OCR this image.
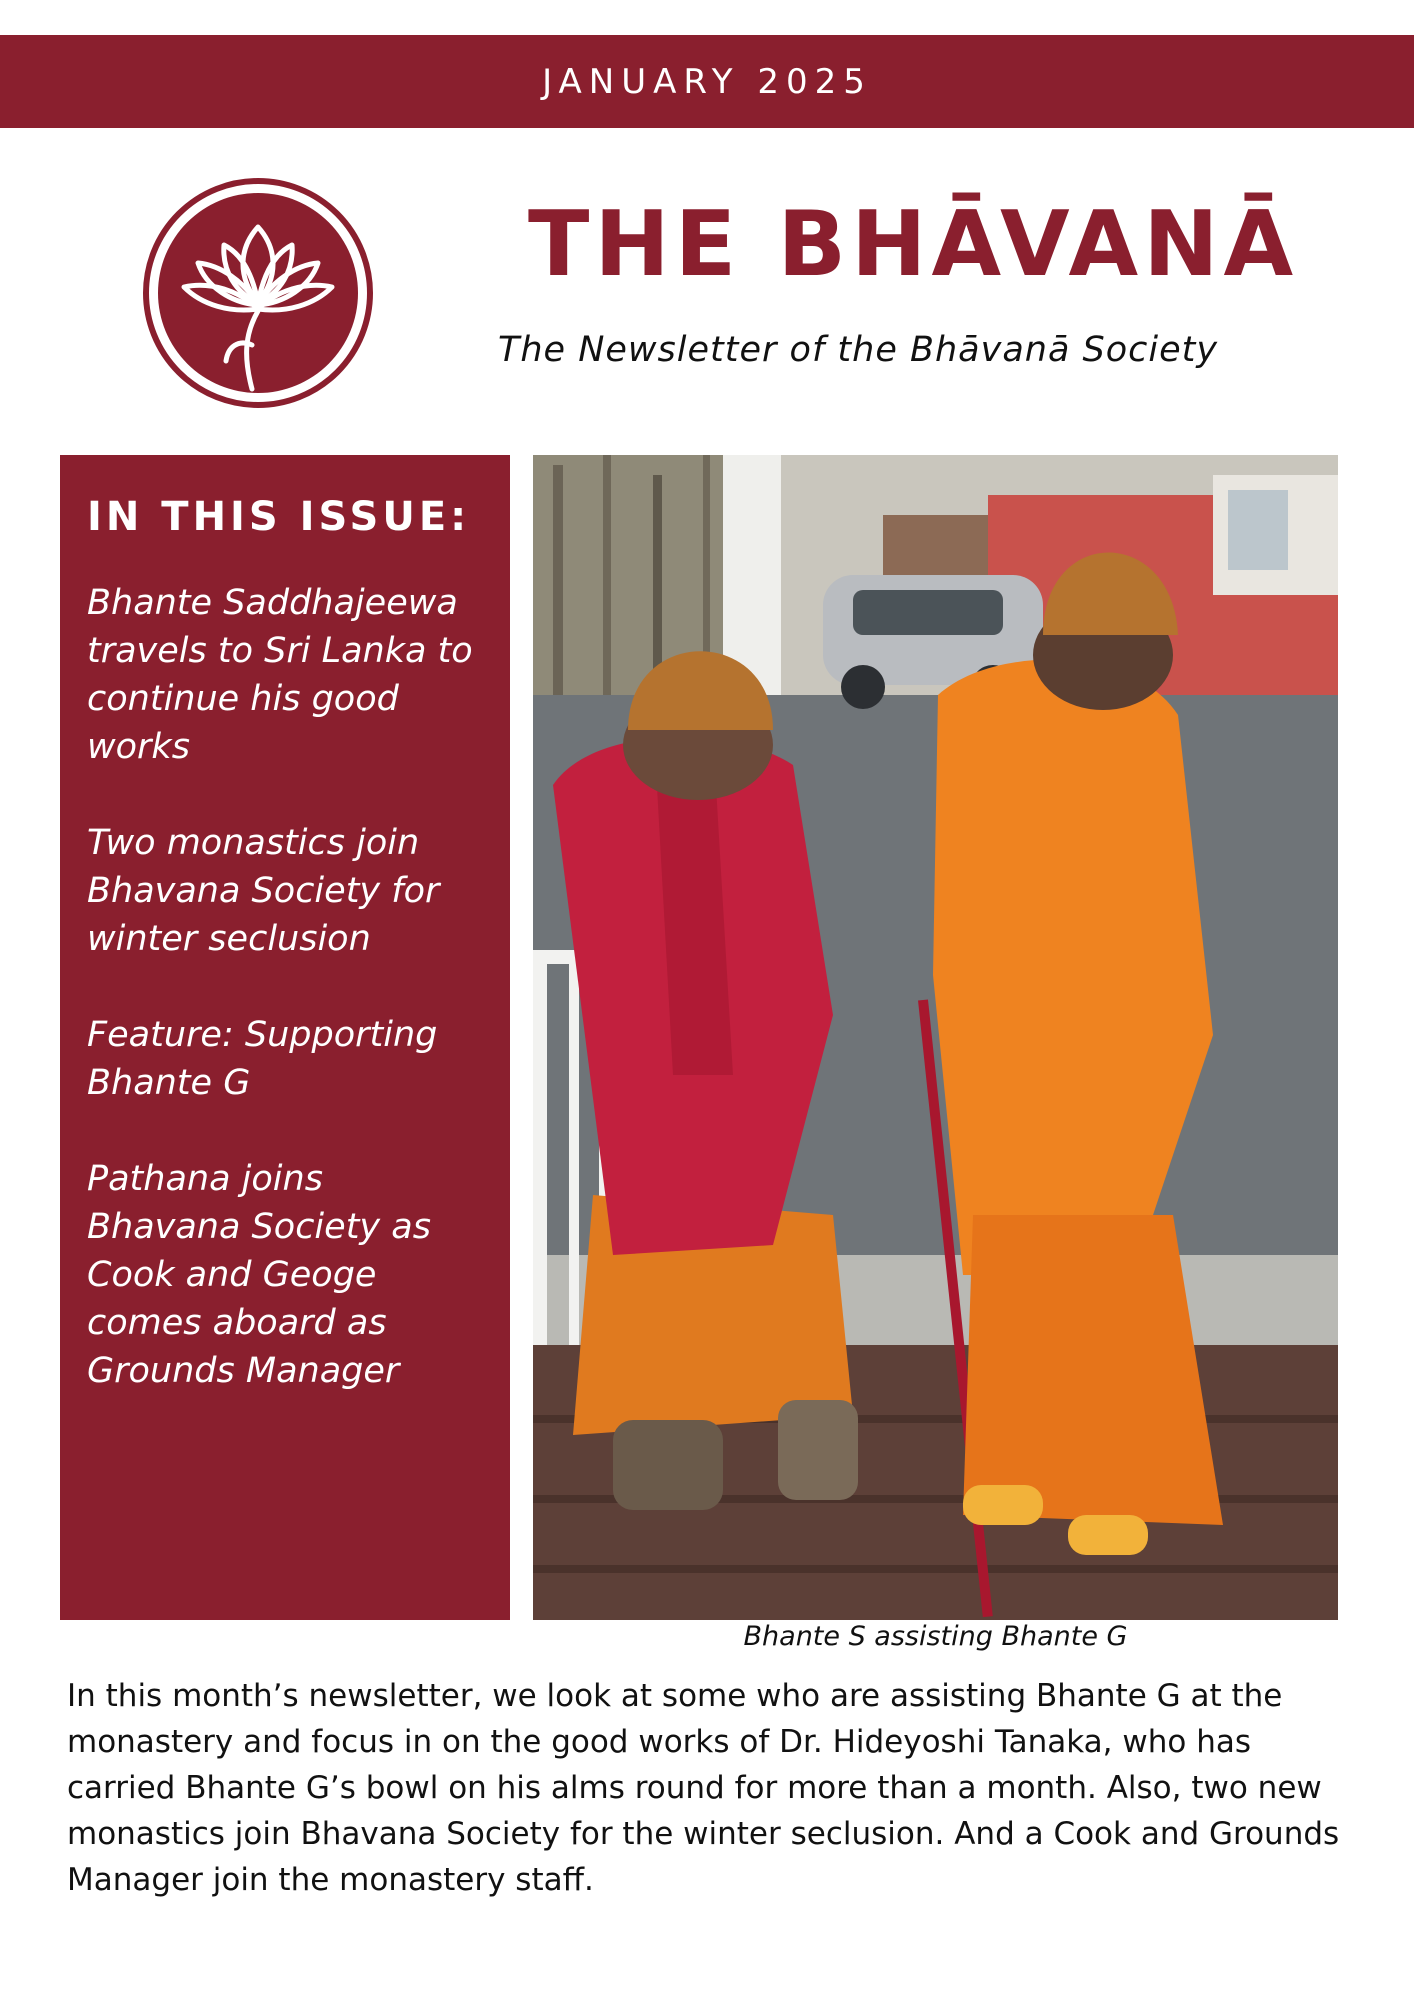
JANUARY 2025
THE BHĀVANĀ
The Newsletter of the Bhāvanā Society
IN THIS ISSUE:
Bhante Saddhajeewa travels to Sri Lanka to continue his good works
Two monastics join Bhavana Society for winter seclusion
Feature: Supporting Bhante G
Pathana joins Bhavana Society as Cook and Geoge comes aboard as Grounds Manager
Bhante S assisting Bhante G

In this month’s newsletter, we look at some who are assisting Bhante G at the monastery and focus in on the good works of Dr. Hideyoshi Tanaka, who has carried Bhante G’s bowl on his alms round for more than a month. Also, two new monastics join Bhavana Society for the winter seclusion. And a Cook and Grounds Manager join the monastery staff.
